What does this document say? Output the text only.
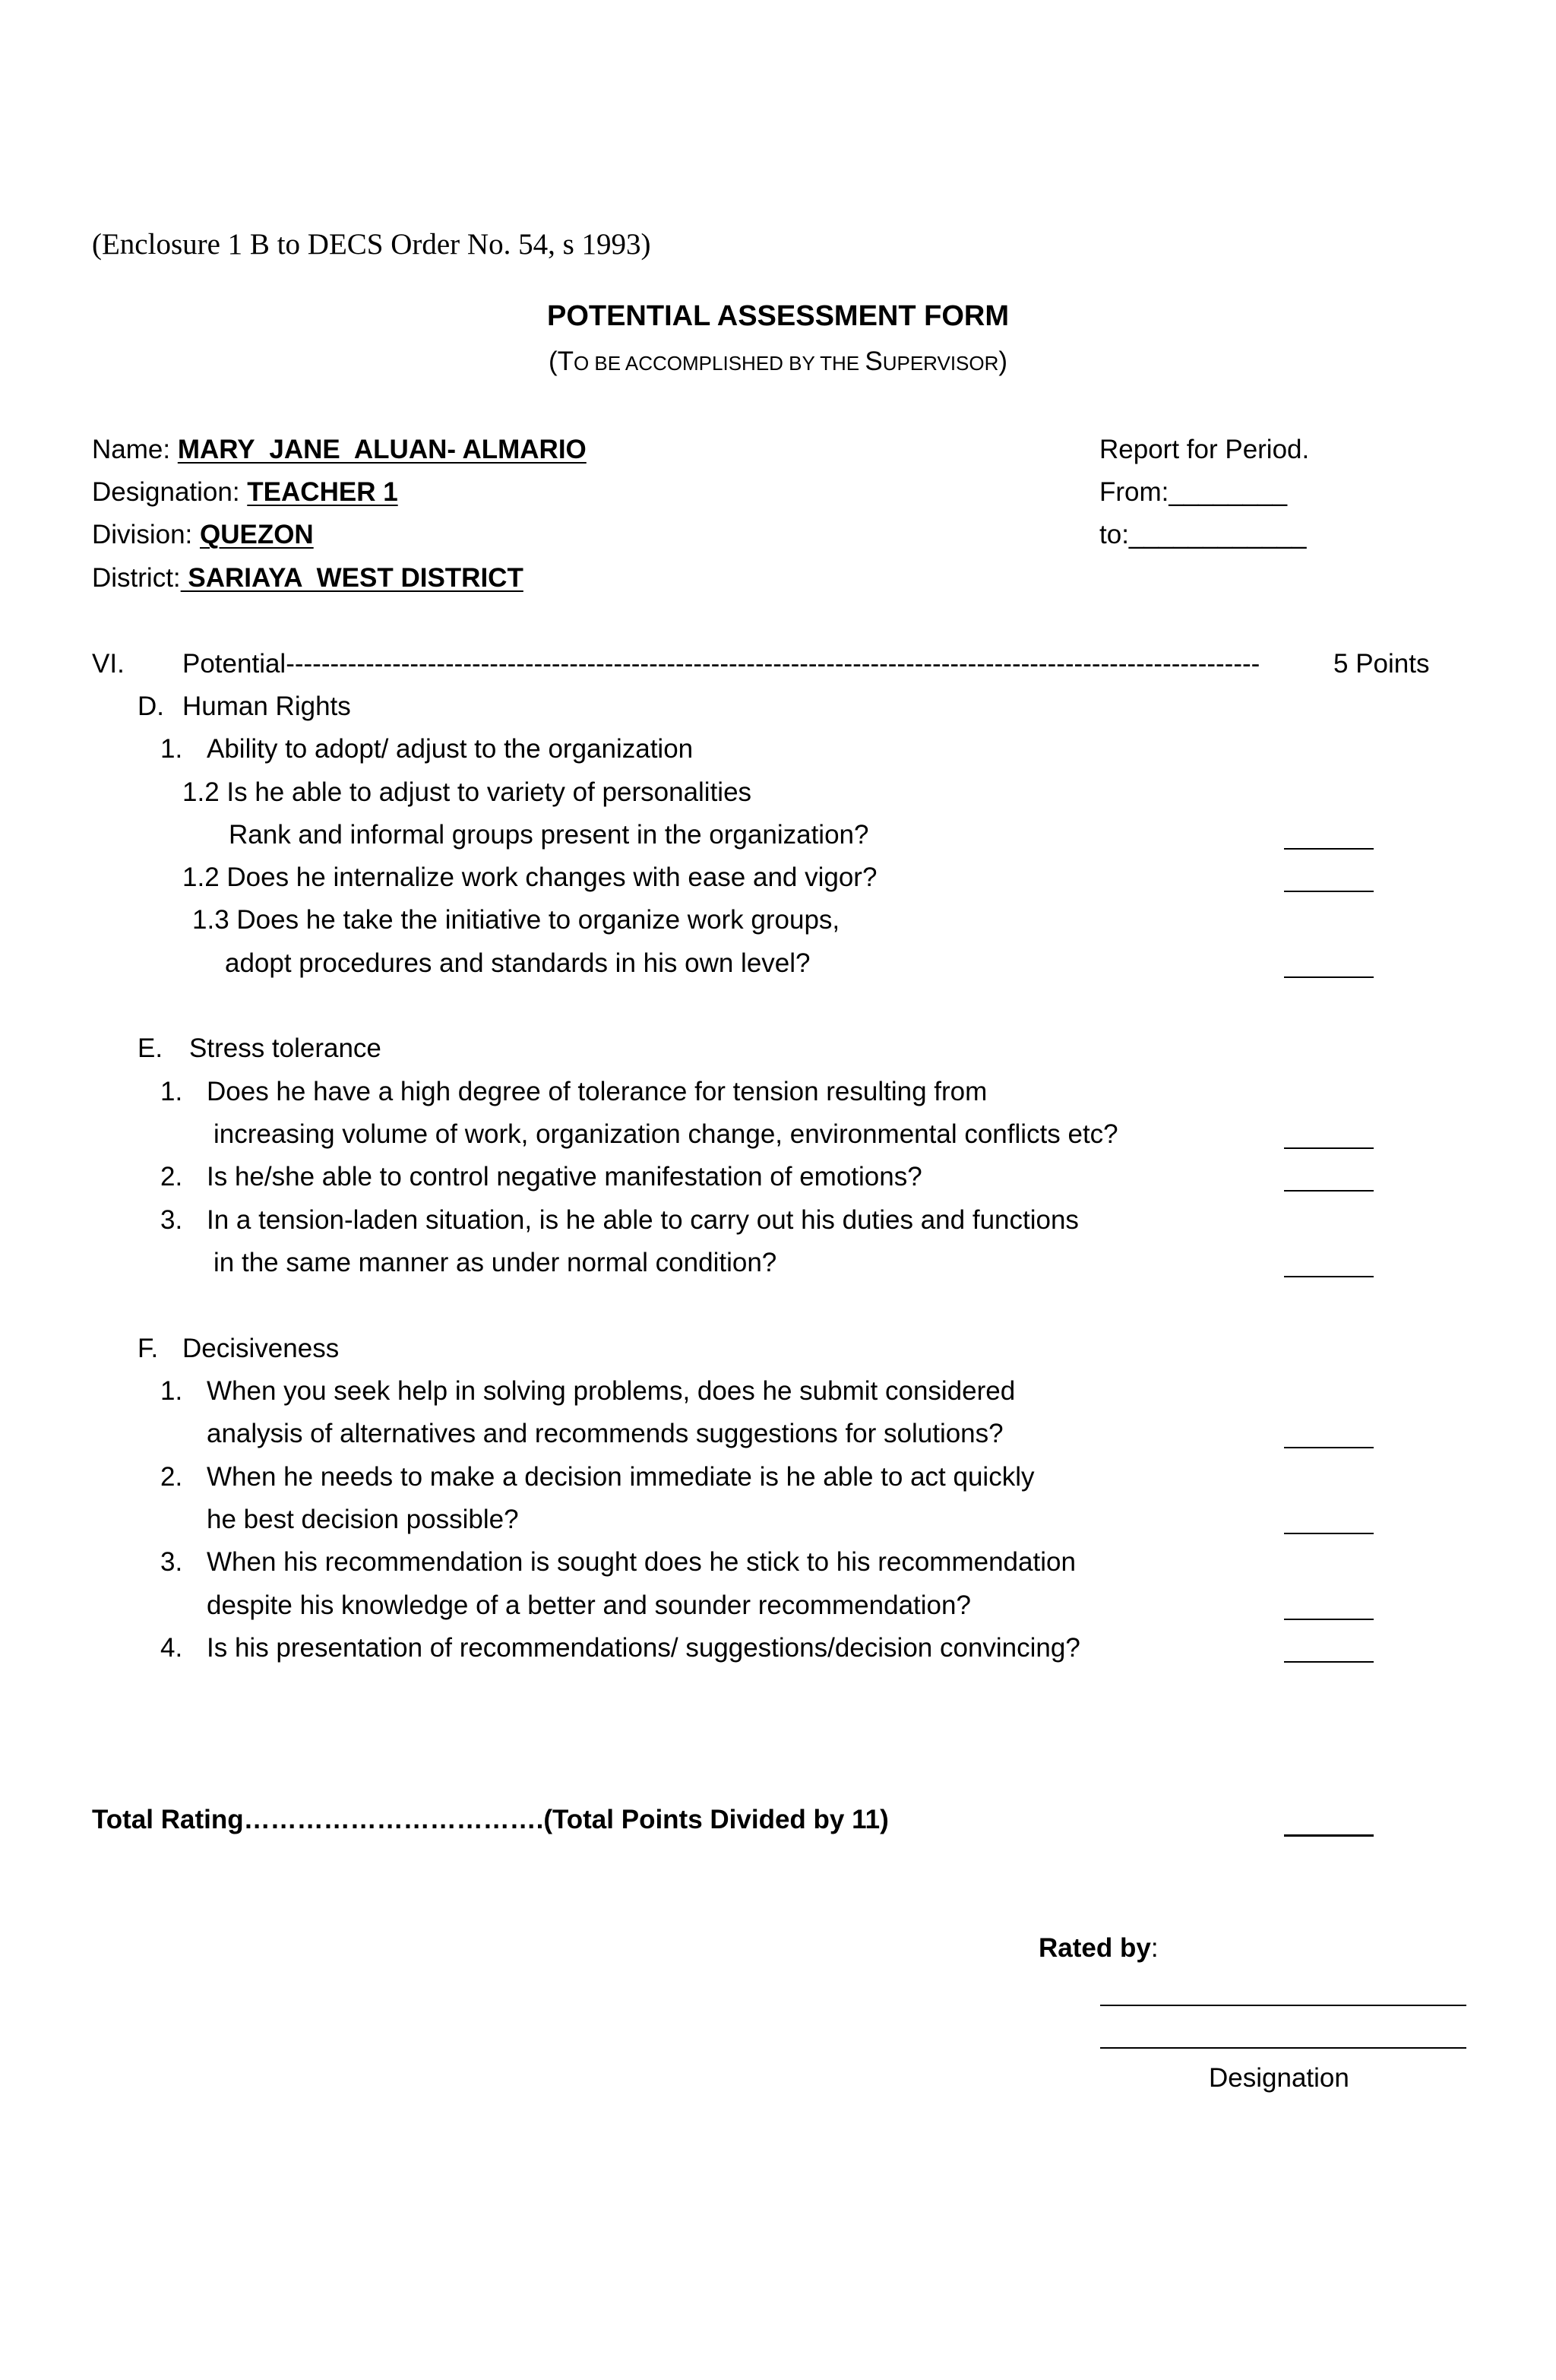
(Enclosure 1 B to DECS Order No. 54, s 1993)
POTENTIAL ASSESSMENT FORM
(TO BE ACCOMPLISHED BY THE SUPERVISOR)
Name: MARY  JANE  ALUAN- ALMARIO
Designation: TEACHER 1
Division: QUEZON
District: SARIAYA  WEST DISTRICT
Report for Period.
From:________
to:____________
VI. Potential--------------------------------------------------------------------------------------------------------------	5 Points
D. Human Rights
1. Ability to adopt/ adjust to the organization
1.2 Is he able to adjust to variety of personalities
Rank and informal groups present in the organization?
1.2 Does he internalize work changes with ease and vigor?
1.3 Does he take the initiative to organize work groups,
adopt procedures and standards in his own level?
E. Stress tolerance
1. Does he have a high degree of tolerance for tension resulting from
increasing volume of work, organization change, environmental conflicts etc?
2. Is he/she able to control negative manifestation of emotions?
3. In a tension-laden situation, is he able to carry out his duties and functions
in the same manner as under normal condition?
F. Decisiveness
1. When you seek help in solving problems, does he submit considered
analysis of alternatives and recommends suggestions for solutions?
2. When he needs to make a decision immediate is he able to act quickly
he best decision possible?
3. When his recommendation is sought does he stick to his recommendation
despite his knowledge of a better and sounder recommendation?
4. Is his presentation of recommendations/ suggestions/decision convincing?
Total Rating…………………………….(Total Points Divided by 11)
Rated by:
Designation
